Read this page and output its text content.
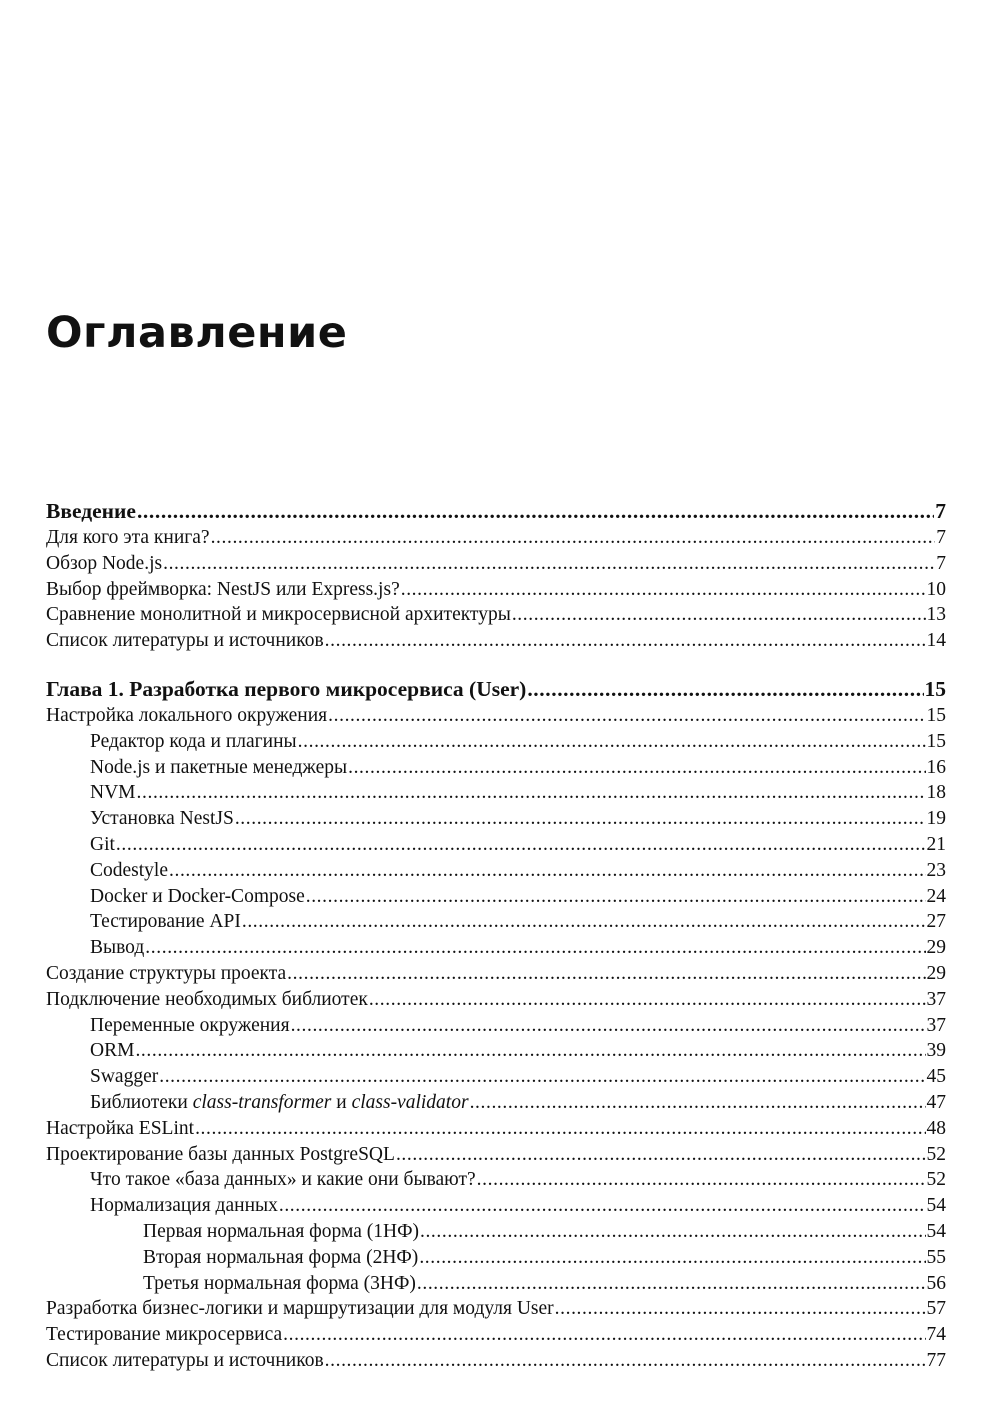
Оглавление
Введение .....	7
Для кого эта книга? .....	7
Обзор Node.js .....	7
Выбор фреймворка: NestJS или Express.js? .....	10
Сравнение монолитной и микросервисной архитектуры .....	13
Список литературы и источников .....	14
Глава 1. Разработка первого микросервиса (User) .....	15
Настройка локального окружения .....	15
Редактор кода и плагины .....	15
Node.js и пакетные менеджеры .....	16
NVM .....	18
Установка NestJS .....	19
Git .....	21
Codestyle .....	23
Docker и Docker-Compose .....	24
Тестирование API .....	27
Вывод .....	29
Создание структуры проекта .....	29
Подключение необходимых библиотек .....	37
Переменные окружения .....	37
ORM .....	39
Swagger .....	45
Библиотеки class-transformer и class-validator .....	47
Настройка ESLint .....	48
Проектирование базы данных PostgreSQL .....	52
Что такое «база данных» и какие они бывают? .....	52
Нормализация данных .....	54
Первая нормальная форма (1НФ) .....	54
Вторая нормальная форма (2НФ) .....	55
Третья нормальная форма (3НФ) .....	56
Разработка бизнес-логики и маршрутизации для модуля User .....	57
Тестирование микросервиса .....	74
Список литературы и источников .....	77
